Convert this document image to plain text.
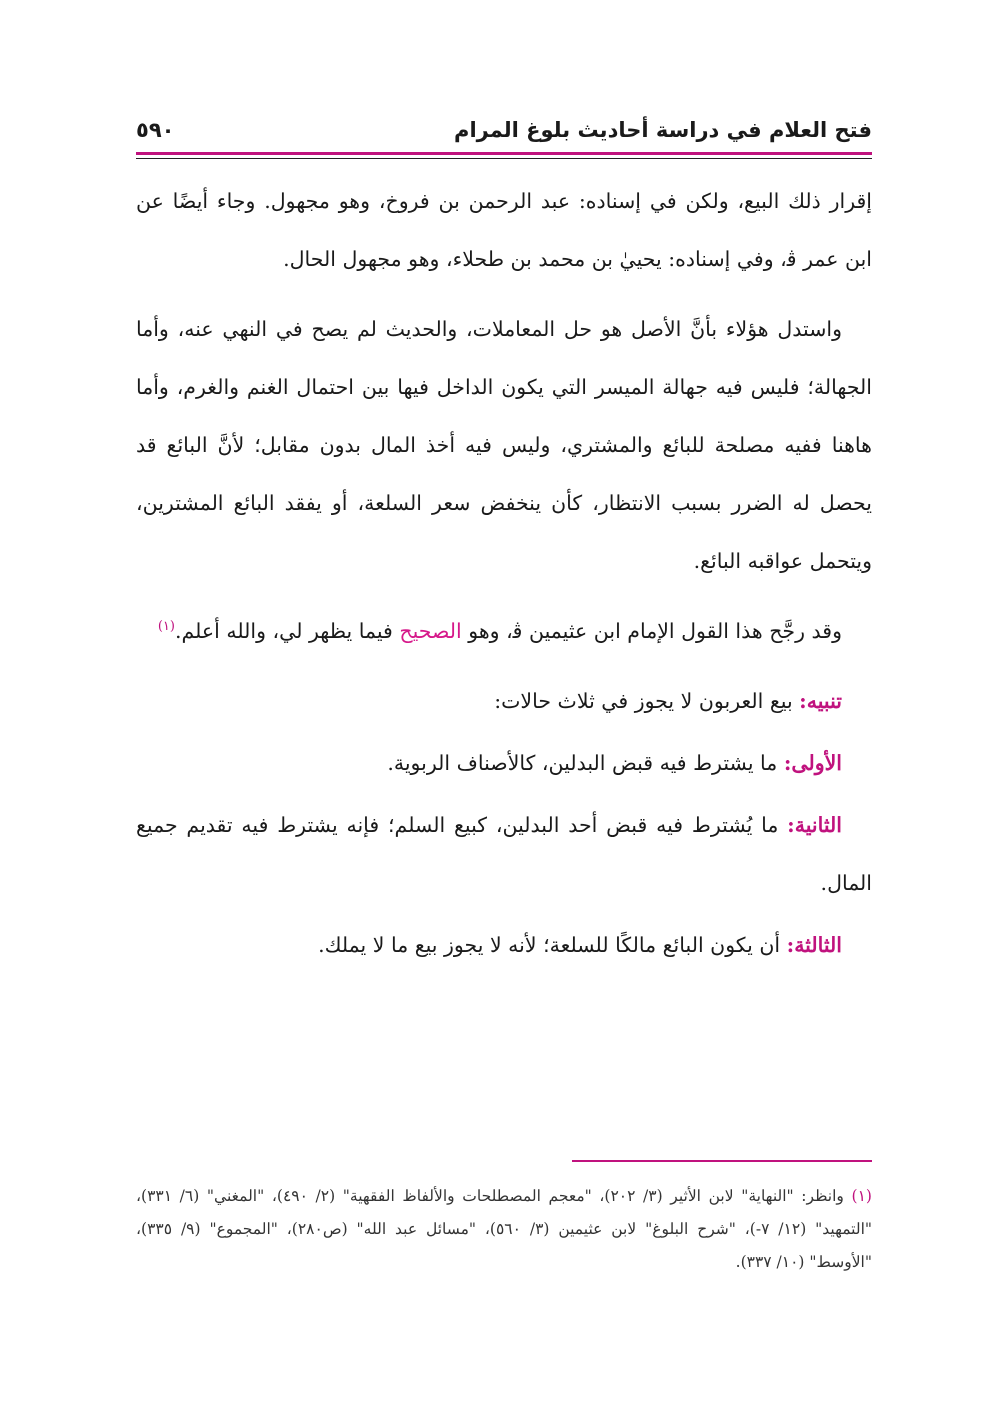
فتح العلام في دراسة أحاديث بلوغ المرام
٥٩٠

إقرار ذلك البيع، ولكن في إسناده: عبد الرحمن بن فروخ، وهو مجهول. وجاء أيضًا عن ابن عمر ﭬ، وفي إسناده: يحييٰ بن محمد بن طحلاء، وهو مجهول الحال.

واستدل هؤلاء بأنَّ الأصل هو حل المعاملات، والحديث لم يصح في النهي عنه، وأما الجهالة؛ فليس فيه جهالة الميسر التي يكون الداخل فيها بين احتمال الغنم والغرم، وأما هاهنا ففيه مصلحة للبائع والمشتري، وليس فيه أخذ المال بدون مقابل؛ لأنَّ البائع قد يحصل له الضرر بسبب الانتظار، كأن ينخفض سعر السلعة، أو يفقد البائع المشترين، ويتحمل عواقبه البائع.

وقد رجَّح هذا القول الإمام ابن عثيمين ﭬ، وهو الصحيح فيما يظهر لي، والله أعلم.$^{(١)}$

تنبيه: بيع العربون لا يجوز في ثلاث حالات:

الأولى: ما يشترط فيه قبض البدلين، كالأصناف الربوية.

الثانية: ما يُشترط فيه قبض أحد البدلين، كبيع السلم؛ فإنه يشترط فيه تقديم جميع المال.

الثالثة: أن يكون البائع مالكًا للسلعة؛ لأنه لا يجوز بيع ما لا يملك.

(١) وانظر: "النهاية" لابن الأثير (٣/ ٢٠٢)، "معجم المصطلحات والألفاظ الفقهية" (٢/ ٤٩٠)، "المغني" (٦/ ٣٣١)، "التمهيد" (١٢/ ٧-)، "شرح البلوغ" لابن عثيمين (٣/ ٥٦٠)، "مسائل عبد الله" (ص٢٨٠)، "المجموع" (٩/ ٣٣٥)، "الأوسط" (١٠/ ٣٣٧).
